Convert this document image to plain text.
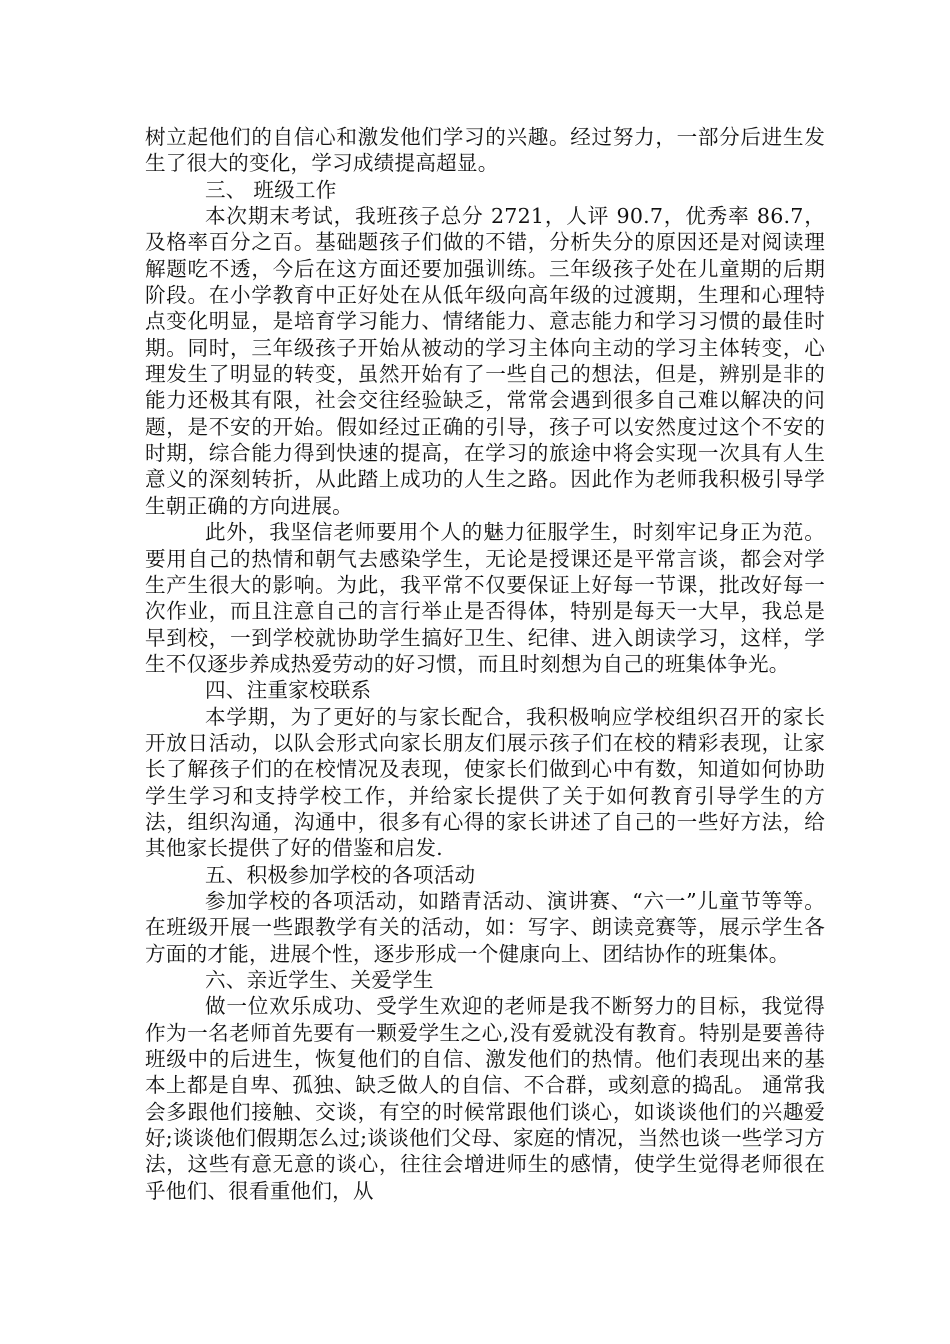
树立起他们的自信心和激发他们学习的兴趣。经过努力，一部分后进生发生了很大的变化，学习成绩提高超显。

三、 班级工作

本次期末考试，我班孩子总分 2721，人评 90.7，优秀率 86.7，及格率百分之百。基础题孩子们做的不错，分析失分的原因还是对阅读理解题吃不透，今后在这方面还要加强训练。三年级孩子处在儿童期的后期阶段。在小学教育中正好处在从低年级向高年级的过渡期，生理和心理特点变化明显，是培育学习能力、情绪能力、意志能力和学习习惯的最佳时期。同时，三年级孩子开始从被动的学习主体向主动的学习主体转变，心理发生了明显的转变，虽然开始有了一些自己的想法，但是，辨别是非的能力还极其有限，社会交往经验缺乏，常常会遇到很多自己难以解决的问题，是不安的开始。假如经过正确的引导，孩子可以安然度过这个不安的时期，综合能力得到快速的提高，在学习的旅途中将会实现一次具有人生意义的深刻转折，从此踏上成功的人生之路。因此作为老师我积极引导学生朝正确的方向进展。

此外，我坚信老师要用个人的魅力征服学生，时刻牢记身正为范。要用自己的热情和朝气去感染学生，无论是授课还是平常言谈，都会对学生产生很大的影响。为此，我平常不仅要保证上好每一节课，批改好每一次作业，而且注意自己的言行举止是否得体，特别是每天一大早，我总是早到校，一到学校就协助学生搞好卫生、纪律、进入朗读学习，这样，学生不仅逐步养成热爱劳动的好习惯，而且时刻想为自己的班集体争光。

四、注重家校联系

本学期，为了更好的与家长配合，我积极响应学校组织召开的家长开放日活动，以队会形式向家长朋友们展示孩子们在校的精彩表现，让家长了解孩子们的在校情况及表现，使家长们做到心中有数，知道如何协助学生学习和支持学校工作，并给家长提供了关于如何教育引导学生的方法，组织沟通，沟通中，很多有心得的家长讲述了自己的一些好方法，给其他家长提供了好的借鉴和启发.

五、积极参加学校的各项活动

参加学校的各项活动，如踏青活动、演讲赛、“六一”儿童节等等。在班级开展一些跟教学有关的活动，如：写字、朗读竞赛等，展示学生各方面的才能，进展个性，逐步形成一个健康向上、团结协作的班集体。

六、亲近学生、关爱学生

做一位欢乐成功、受学生欢迎的老师是我不断努力的目标，我觉得作为一名老师首先要有一颗爱学生之心,没有爱就没有教育。特别是要善待班级中的后进生，恢复他们的自信、激发他们的热情。他们表现出来的基本上都是自卑、孤独、缺乏做人的自信、不合群，或刻意的捣乱。 通常我会多跟他们接触、交谈，有空的时候常跟他们谈心，如谈谈他们的兴趣爱好;谈谈他们假期怎么过;谈谈他们父母、家庭的情况，当然也谈一些学习方法，这些有意无意的谈心，往往会增进师生的感情，使学生觉得老师很在乎他们、很看重他们，从
